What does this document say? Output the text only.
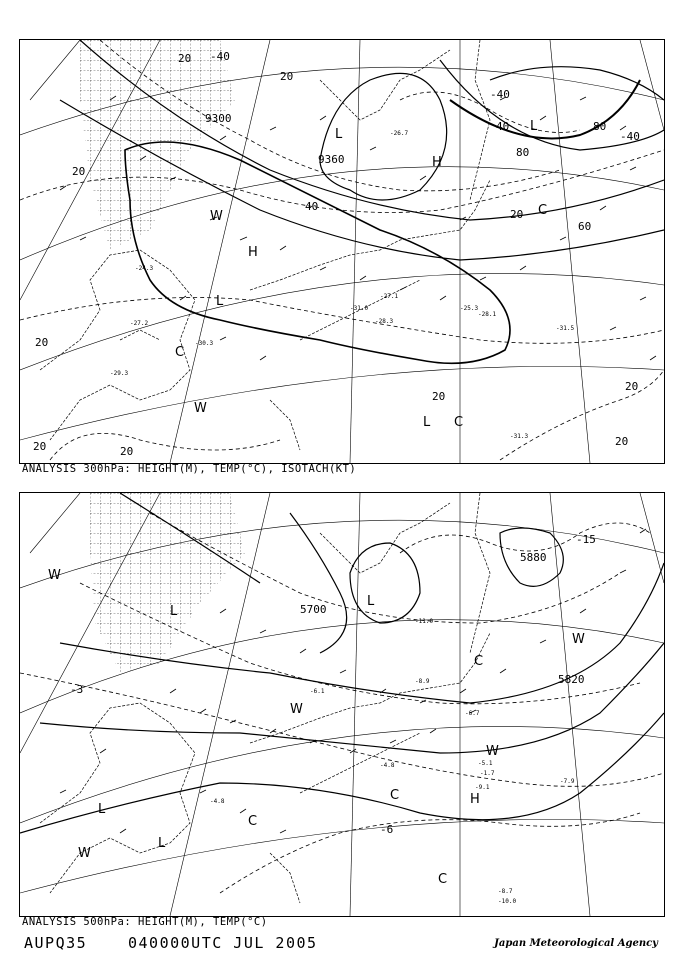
9300
9360
-40
-40
-40
20
20
20
20
20	20
20
20
20
20
40
40	80
80
60
L
L
L
L
H
H
W
W
C
C
C
-31.3
-27.1
-28.3
-25.3
-31.0
-28.1
-27.2
-29.3
-31.5
-30.3
-26.7
-24.3
ANALYSIS 300hPa: HEIGHT(M), TEMP(°C), ISOTACH(KT)
5700
5820
5880
-3
-6
-15
L
L
L
L
H
W
W
W
W
W
C
C
C
C
-8.7
-9.1
-7.9
-5.1
-4.8
-8.9
-11.0
-6.1
-1.7
-4.8
-6.7
-10.0
ANALYSIS 500hPa: HEIGHT(M), TEMP(°C)
AUPQ35	040000UTC JUL 2005	Japan Meteorological Agency
